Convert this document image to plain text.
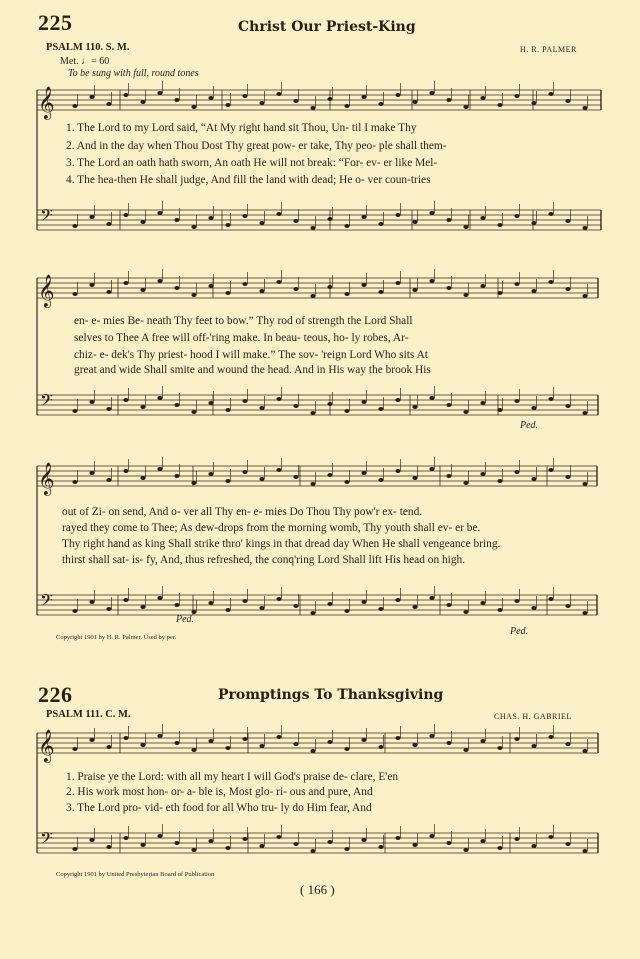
225	Christ Our Priest-King
PSALM 110. S. M.	H. R. PALMER
Met. ♩= 60
To be sung with full, round tones
𝄞
𝄞
𝄞
𝄞
𝄢
𝄢
𝄢
𝄢
1. The Lord to my Lord said, “At My right hand sit Thou, Un- til I make Thy
2. And in the day when Thou Dost Thy great pow- er take, Thy peo- ple shall them-
3. The Lord an oath hath sworn, An oath He will not break: “For- ev- er like Mel-
4. The hea-then He shall judge, And fill the land with dead; He o- ver coun-tries
en- e- mies Be- neath Thy feet to bow.” Thy rod of strength the Lord Shall
selves to Thee A free will off-'ring make. In beau- teous, ho- ly robes, Ar-
chiz- e- dek's Thy priest- hood I will make.” The sov- 'reign Lord Who sits At
great and wide Shall smite and wound the head. And in His way the brook His
out of Zi- on send, And o- ver all Thy en- e- mies Do Thou Thy pow'r ex- tend.
rayed they come to Thee; As dew-drops from the morning womb, Thy youth shall ev- er be.
Thy right hand as king Shall strike thro' kings in that dread day When He shall vengeance bring.
thirst shall sat- is- fy, And, thus refreshed, the conq'ring Lord Shall lift His head on high.
Ped.
Ped.
Ped.
Copyright 1901 by H. R. Palmer. Used by per.
226	Promptings To Thanksgiving
PSALM 111. C. M.	CHAS. H. GABRIEL
1. Praise ye the Lord: with all my heart I will God's praise de- clare, E'en
2. His work most hon- or- a- ble is, Most glo- ri- ous and pure, And
3. The Lord pro- vid- eth food for all Who tru- ly do Him fear, And
Copyright 1901 by United Presbyterian Board of Publication
( 166 )
